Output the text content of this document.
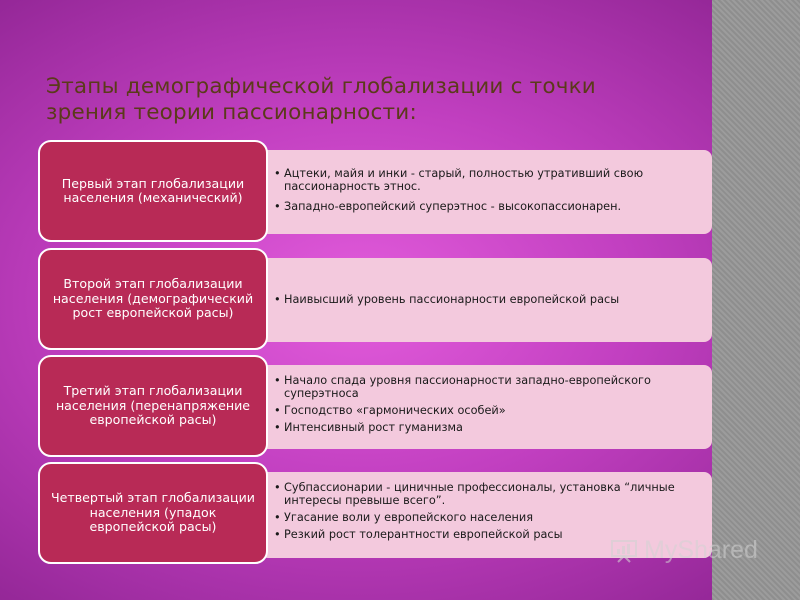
Этапы демографической глобализации с точки
зрения теории пассионарности:
• Ацтеки, майя и инки - старый, полностью утративший свою пассионарность этнос.
• Западно-европейский суперэтнос - высокопассионарен.
Первый этап глобализации населения (механический)
• Наивысший уровень пассионарности европейской расы
Второй этап глобализации населения (демографический рост европейской расы)
• Начало спада уровня пассионарности западно-европейского суперэтноса
• Господство «гармонических особей»
• Интенсивный рост гуманизма
Третий этап глобализации населения (перенапряжение европейской расы)
• Субпассионарии - циничные профессионалы, установка “личные интересы превыше всего”.
• Угасание воли у европейского населения
• Резкий рост толерантности европейской расы
Четвертый этап глобализации населения (упадок европейской расы)
MyShared
